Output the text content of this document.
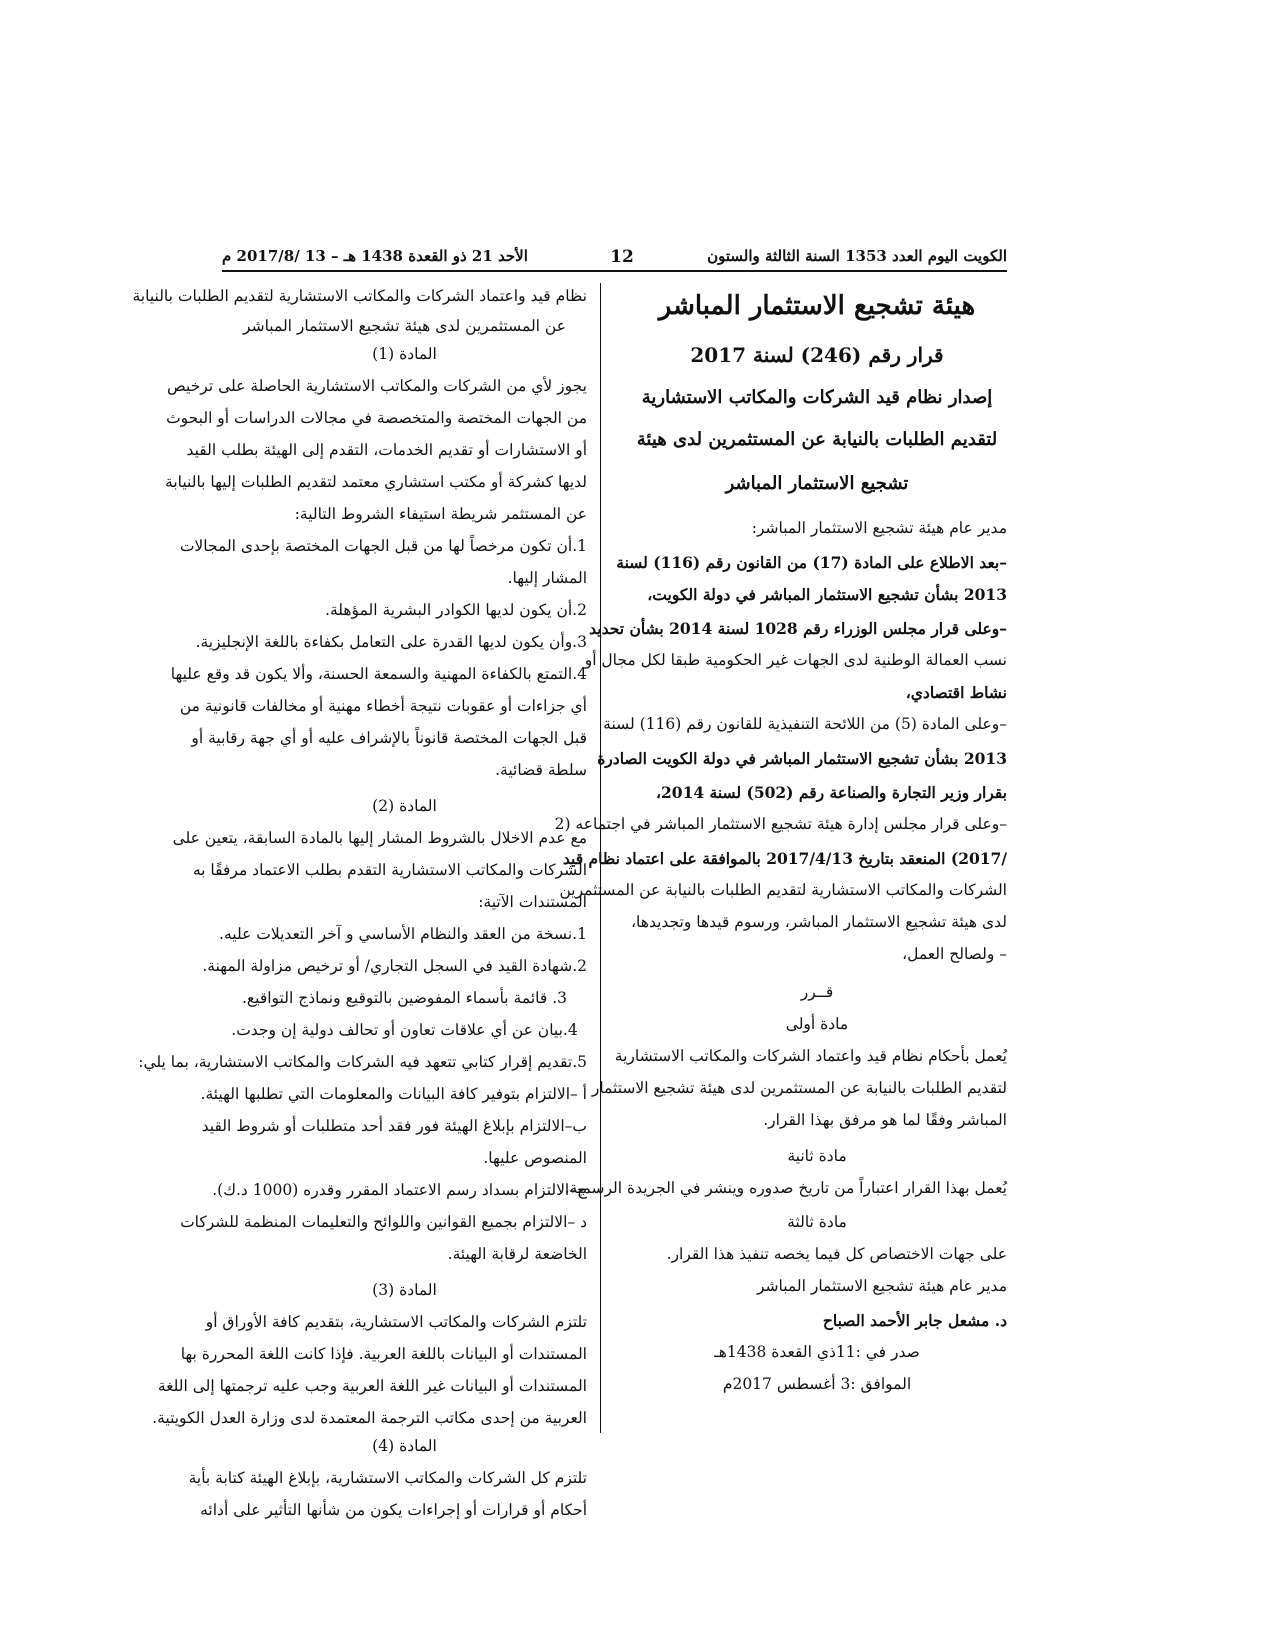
الكويت اليوم العدد 1353 السنة الثالثة والستون
12
الأحد 21 ذو القعدة 1438 هـ – 13 /2017/8 م
هيئة تشجيع الاستثمار المباشر
قرار رقم (246) لسنة 2017
إصدار نظام قيد الشركات والمكاتب الاستشارية
لتقديم الطلبات بالنيابة عن المستثمرين لدى هيئة
تشجيع الاستثمار المباشر
مدير عام هيئة تشجيع الاستثمار المباشر:
–بعد الاطلاع على المادة (17) من القانون رقم (116) لسنة
2013 بشأن تشجيع الاستثمار المباشر في دولة الكويت،
–وعلى قرار مجلس الوزراء رقم 1028 لسنة 2014 بشأن تحديد
نسب العمالة الوطنية لدى الجهات غير الحكومية طبقا لكل مجال أو
نشاط اقتصادي،
–وعلى المادة (5) من اللائحة التنفيذية للقانون رقم (116) لسنة
2013 بشأن تشجيع الاستثمار المباشر في دولة الكويت الصادرة
بقرار وزير التجارة والصناعة رقم (502) لسنة 2014،
–وعلى قرار مجلس إدارة هيئة تشجيع الاستثمار المباشر في اجتماعه (2
/2017) المنعقد بتاريخ 2017/4/13 بالموافقة على اعتماد نظام قيد
الشركات والمكاتب الاستشارية لتقديم الطلبات بالنيابة عن المستثمرين
لدى هيئة تشجيع الاستثمار المباشر، ورسوم قيدها وتجديدها،
– ولصالح العمل،
قــرر
مادة أولى
يُعمل بأحكام نظام قيد واعتماد الشركات والمكاتب الاستشارية
لتقديم الطلبات بالنيابة عن المستثمرين لدى هيئة تشجيع الاستثمار
المباشر وفقًا لما هو مرفق بهذا القرار.
مادة ثانية
يُعمل بهذا القرار اعتباراً من تاريخ صدوره وينشر في الجريدة الرسمية.
مادة ثالثة
على جهات الاختصاص كل فيما يخصه تنفيذ هذا القرار.
مدير عام هيئة تشجيع الاستثمار المباشر
د. مشعل جابر الأحمد الصباح
صدر في :11ذي القعدة 1438هـ
الموافق :3 أغسطس 2017م
نظام قيد واعتماد الشركات والمكاتب الاستشارية لتقديم الطلبات بالنيابة
عن المستثمرين لدى هيئة تشجيع الاستثمار المباشر
المادة (1)
يجوز لأي من الشركات والمكاتب الاستشارية الحاصلة على ترخيص
من الجهات المختصة والمتخصصة في مجالات الدراسات أو البحوث
أو الاستشارات أو تقديم الخدمات، التقدم إلى الهيئة بطلب القيد
لديها كشركة أو مكتب استشاري معتمد لتقديم الطلبات إليها بالنيابة
عن المستثمر شريطة استيفاء الشروط التالية:
1.أن تكون مرخصاً لها من قبل الجهات المختصة بإحدى المجالات
المشار إليها.
2.أن يكون لديها الكوادر البشرية المؤهلة.
3.وأن يكون لديها القدرة على التعامل بكفاءة باللغة الإنجليزية.
4.التمتع بالكفاءة المهنية والسمعة الحسنة، وألا يكون قد وقع عليها
أي جزاءات أو عقوبات نتيجة أخطاء مهنية أو مخالفات قانونية من
قبل الجهات المختصة قانوناً بالإشراف عليه أو أي جهة رقابية أو
سلطة قضائية.
المادة (2)
مع عدم الاخلال بالشروط المشار إليها بالمادة السابقة، يتعين على
الشركات والمكاتب الاستشارية التقدم بطلب الاعتماد مرفقًا به
المستندات الآتية:
1.نسخة من العقد والنظام الأساسي و آخر التعديلات عليه.
2.شهادة القيد في السجل التجاري/ أو ترخيص مزاولة المهنة.
3. قائمة بأسماء المفوضين بالتوقيع ونماذج التواقيع.
4.بيان عن أي علاقات تعاون أو تحالف دولية إن وجدت.
5.تقديم إقرار كتابي تتعهد فيه الشركات والمكاتب الاستشارية، بما يلي:
أ –الالتزام بتوفير كافة البيانات والمعلومات التي تطلبها الهيئة.
ب–الالتزام بإبلاغ الهيئة فور فقد أحد متطلبات أو شروط القيد
المنصوص عليها.
ج–الالتزام بسداد رسم الاعتماد المقرر وقدره (1000 د.ك).
د –الالتزام بجميع القوانين واللوائح والتعليمات المنظمة للشركات
الخاضعة لرقابة الهيئة.
المادة (3)
تلتزم الشركات والمكاتب الاستشارية، بتقديم كافة الأوراق أو
المستندات أو البيانات باللغة العربية. فإذا كانت اللغة المحررة بها
المستندات أو البيانات غير اللغة العربية وجب عليه ترجمتها إلى اللغة
العربية من إحدى مكاتب الترجمة المعتمدة لدى وزارة العدل الكويتية.
المادة (4)
تلتزم كل الشركات والمكاتب الاستشارية، بإبلاغ الهيئة كتابة بأية
أحكام أو قرارات أو إجراءات يكون من شأنها التأثير على أدائه
